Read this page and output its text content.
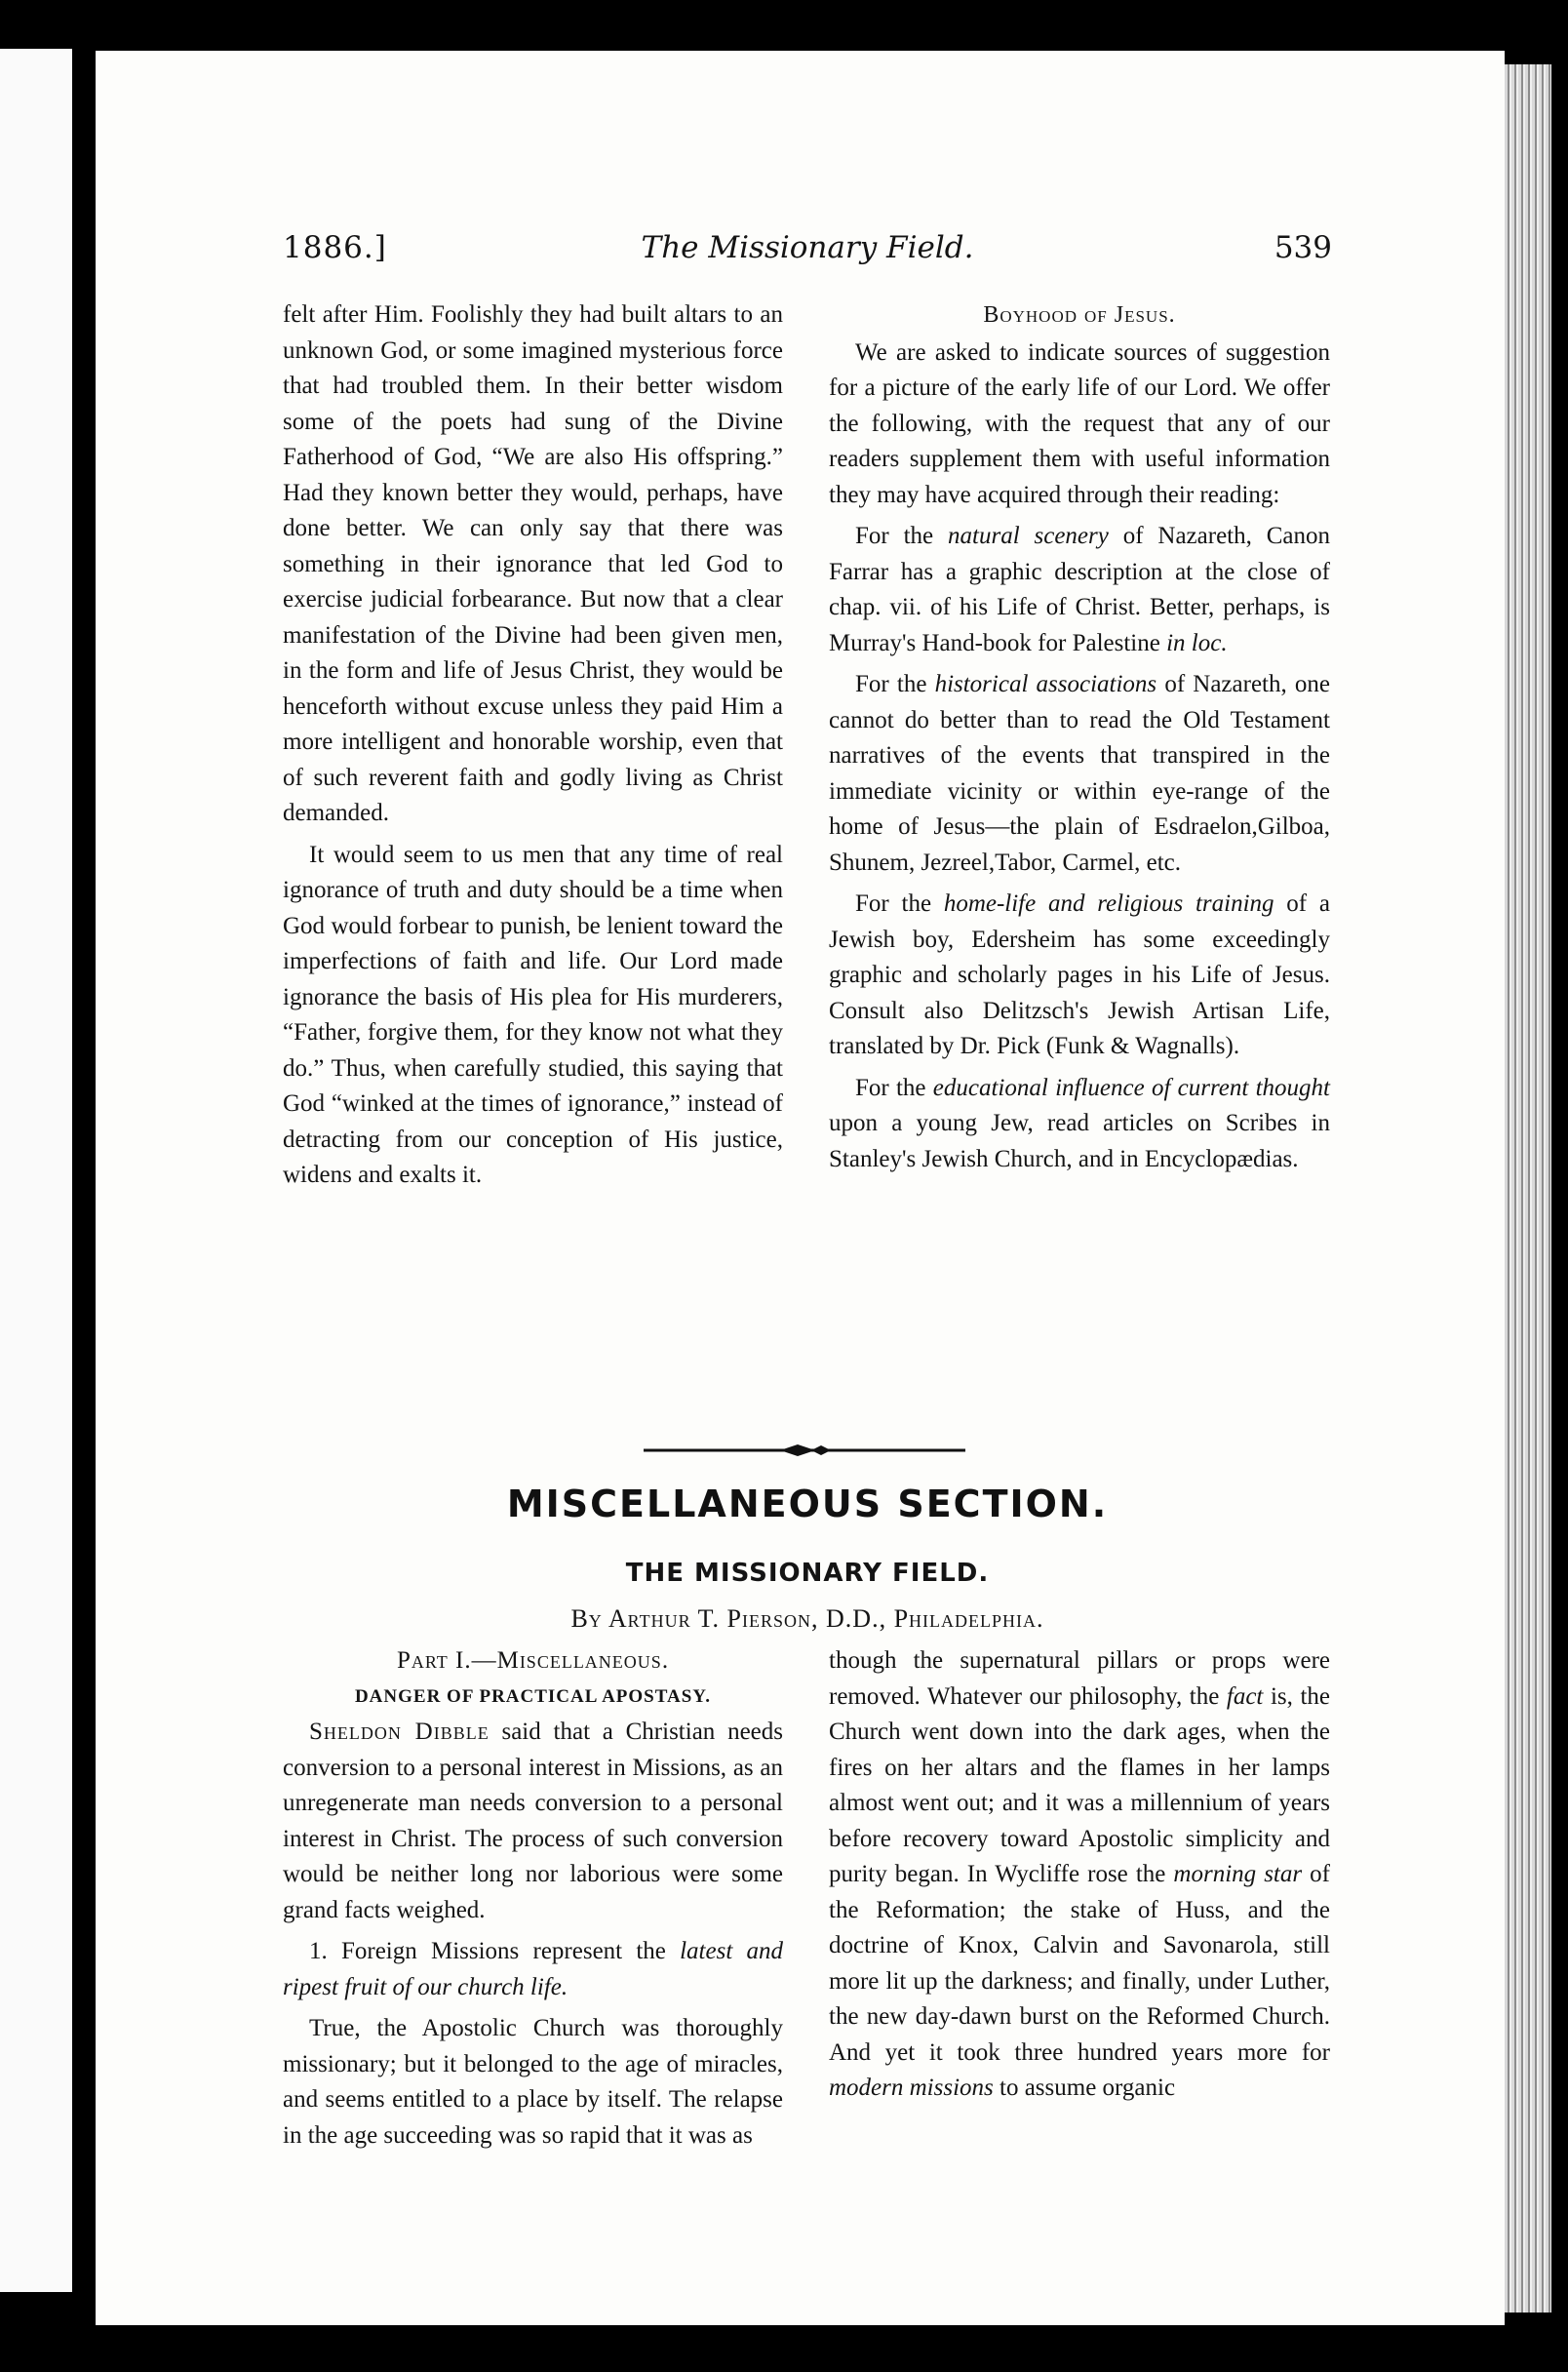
1886.]	The Missionary Field.	539

felt after Him. Foolishly they had built altars to an unknown God, or some imagined mysterious force that had troubled them. In their better wisdom some of the poets had sung of the Divine Fatherhood of God, “We are also His offspring.” Had they known better they would, perhaps, have done better. We can only say that there was something in their ignorance that led God to exercise judicial forbearance. But now that a clear manifestation of the Divine had been given men, in the form and life of Jesus Christ, they would be henceforth without excuse unless they paid Him a more intelligent and honorable worship, even that of such reverent faith and godly living as Christ demanded.

It would seem to us men that any time of real ignorance of truth and duty should be a time when God would forbear to punish, be lenient toward the imperfections of faith and life. Our Lord made ignorance the basis of His plea for His murderers, “Father, forgive them, for they know not what they do.” Thus, when carefully studied, this saying that God “winked at the times of ignorance,” instead of detracting from our conception of His justice, widens and exalts it.

Boyhood of Jesus.

We are asked to indicate sources of suggestion for a picture of the early life of our Lord. We offer the following, with the request that any of our readers supplement them with useful information they may have acquired through their reading:

For the natural scenery of Nazareth, Canon Farrar has a graphic description at the close of chap. vii. of his Life of Christ. Better, perhaps, is Murray's Hand-book for Palestine in loc.

For the historical associations of Nazareth, one cannot do better than to read the Old Testament narratives of the events that transpired in the immediate vicinity or within eye-range of the home of Jesus—the plain of Esdraelon,Gilboa, Shunem, Jezreel,Tabor, Carmel, etc.

For the home-life and religious training of a Jewish boy, Edersheim has some exceedingly graphic and scholarly pages in his Life of Jesus. Consult also Delitzsch's Jewish Artisan Life, translated by Dr. Pick (Funk & Wagnalls).

For the educational influence of current thought upon a young Jew, read articles on Scribes in Stanley's Jewish Church, and in Encyclopædias.

MISCELLANEOUS SECTION.
THE MISSIONARY FIELD.
By Arthur T. Pierson, D.D., Philadelphia.

Part I.—Miscellaneous.

DANGER OF PRACTICAL APOSTASY.

Sheldon Dibble said that a Christian needs conversion to a personal interest in Missions, as an unregenerate man needs conversion to a personal interest in Christ. The process of such conversion would be neither long nor laborious were some grand facts weighed.

1. Foreign Missions represent the latest and ripest fruit of our church life.

True, the Apostolic Church was thoroughly missionary; but it belonged to the age of miracles, and seems entitled to a place by itself. The relapse in the age succeeding was so rapid that it was as

though the supernatural pillars or props were removed. Whatever our philosophy, the fact is, the Church went down into the dark ages, when the fires on her altars and the flames in her lamps almost went out; and it was a millennium of years before recovery toward Apostolic simplicity and purity began. In Wycliffe rose the morning star of the Reformation; the stake of Huss, and the doctrine of Knox, Calvin and Savonarola, still more lit up the darkness; and finally, under Luther, the new day-dawn burst on the Reformed Church. And yet it took three hundred years more for modern missions to assume organic
